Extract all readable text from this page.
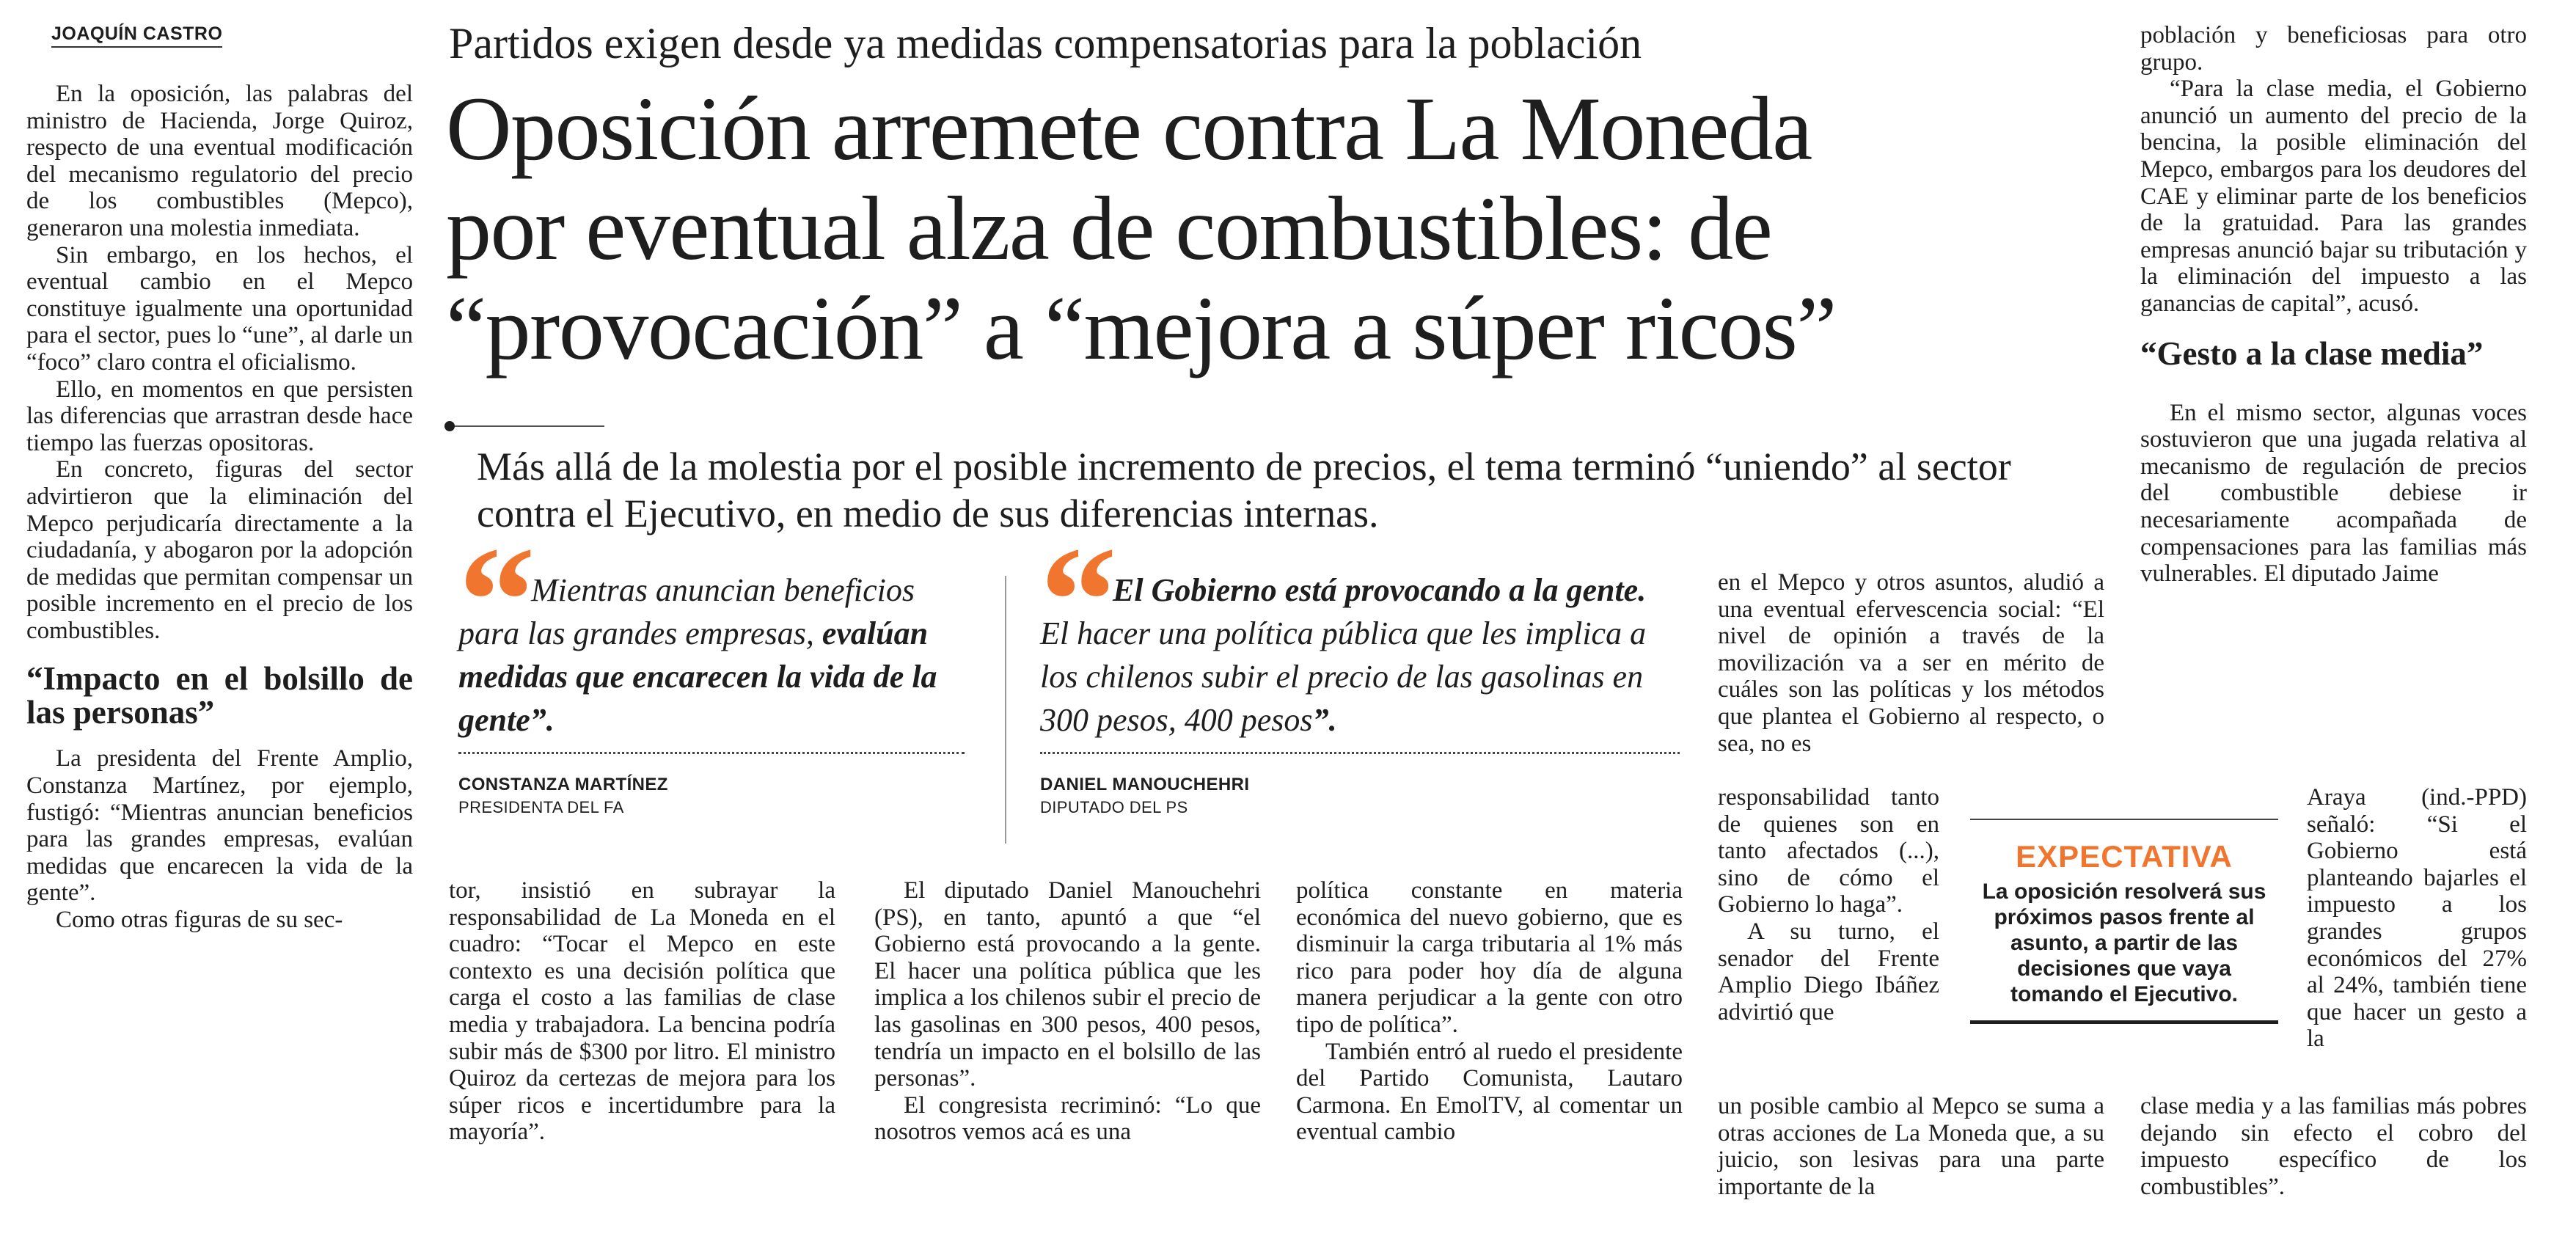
JOAQUÍN CASTRO	Partidos exigen desde ya medidas compensatorias para la población
Oposición arremete contra La Moneda
por eventual alza de combustibles: de
“provocación” a “mejora a súper ricos”
Más allá de la molestia por el posible incremento de precios, el tema terminó “uniendo” al sector contra el Ejecutivo, en medio de sus diferencias internas.
“ Mientras anuncian beneficios para las grandes empresas, evalúan medidas que encarecen la vida de la gente”.
CONSTANZA MARTÍNEZ
PRESIDENTA DEL FA
“ El Gobierno está provocando a la gente. El hacer una política pública que les implica a los chilenos subir el precio de las gasolinas en 300 pesos, 400 pesos”.
DANIEL MANOUCHEHRI
DIPUTADO DEL PS

En la oposición, las palabras del ministro de Hacienda, Jorge Quiroz, respecto de una eventual modificación del mecanismo regulatorio del precio de los combustibles (Mepco), generaron una molestia inmediata.

Sin embargo, en los hechos, el eventual cambio en el Mepco constituye igualmente una oportunidad para el sector, pues lo “une”, al darle un “foco” claro contra el oficialismo.

Ello, en momentos en que persisten las diferencias que arrastran desde hace tiempo las fuerzas opositoras.

En concreto, figuras del sector advirtieron que la eliminación del Mepco perjudicaría directamente a la ciudadanía, y abogaron por la adopción de medidas que permitan compensar un posible incremento en el precio de los combustibles.

“Impacto en el bolsillo de las personas”

La presidenta del Frente Amplio, Constanza Martínez, por ejemplo, fustigó: “Mientras anuncian beneficios para las grandes empresas, evalúan medidas que encarecen la vida de la gente”.

Como otras figuras de su sec-

tor, insistió en subrayar la responsabilidad de La Moneda en el cuadro: “Tocar el Mepco en este contexto es una decisión política que carga el costo a las familias de clase media y trabajadora. La bencina podría subir más de $300 por litro. El ministro Quiroz da certezas de mejora para los súper ricos e incertidumbre para la mayoría”.

El diputado Daniel Manouchehri (PS), en tanto, apuntó a que “el Gobierno está provocando a la gente. El hacer una política pública que les implica a los chilenos subir el precio de las gasolinas en 300 pesos, 400 pesos, tendría un impacto en el bolsillo de las personas”.

El congresista recriminó: “Lo que nosotros vemos acá es una

política constante en materia económica del nuevo gobierno, que es disminuir la carga tributaria al 1% más rico para poder hoy día de alguna manera perjudicar a la gente con otro tipo de política”.

También entró al ruedo el presidente del Partido Comunista, Lautaro Carmona. En EmolTV, al comentar un eventual cambio

en el Mepco y otros asuntos, aludió a una eventual efervescencia social: “El nivel de opinión a través de la movilización va a ser en mérito de cuáles son las políticas y los métodos que plantea el Gobierno al respecto, o sea, no es

responsabilidad tanto de quienes son en tanto afectados (...), sino de cómo el Gobierno lo haga”.

A su turno, el senador del Frente Amplio Diego Ibáñez advirtió que

un posible cambio al Mepco se suma a otras acciones de La Moneda que, a su juicio, son lesivas para una parte importante de la

EXPECTATIVA
La oposición resolverá sus próximos pasos frente al asunto, a partir de las decisiones que vaya tomando el Ejecutivo.

población y beneficiosas para otro grupo.

“Para la clase media, el Gobierno anunció un aumento del precio de la bencina, la posible eliminación del Mepco, embargos para los deudores del CAE y eliminar parte de los beneficios de la gratuidad. Para las grandes empresas anunció bajar su tributación y la eliminación del impuesto a las ganancias de capital”, acusó.

“Gesto a la clase media”

En el mismo sector, algunas voces sostuvieron que una jugada relativa al mecanismo de regulación de precios del combustible debiese ir necesariamente acompañada de compensaciones para las familias más vulnerables. El diputado Jaime

Araya (ind.-PPD) señaló: “Si el Gobierno está planteando bajarles el impuesto a los grandes grupos económicos del 27% al 24%, también tiene que hacer un gesto a la

clase media y a las familias más pobres dejando sin efecto el cobro del impuesto específico de los combustibles”.
